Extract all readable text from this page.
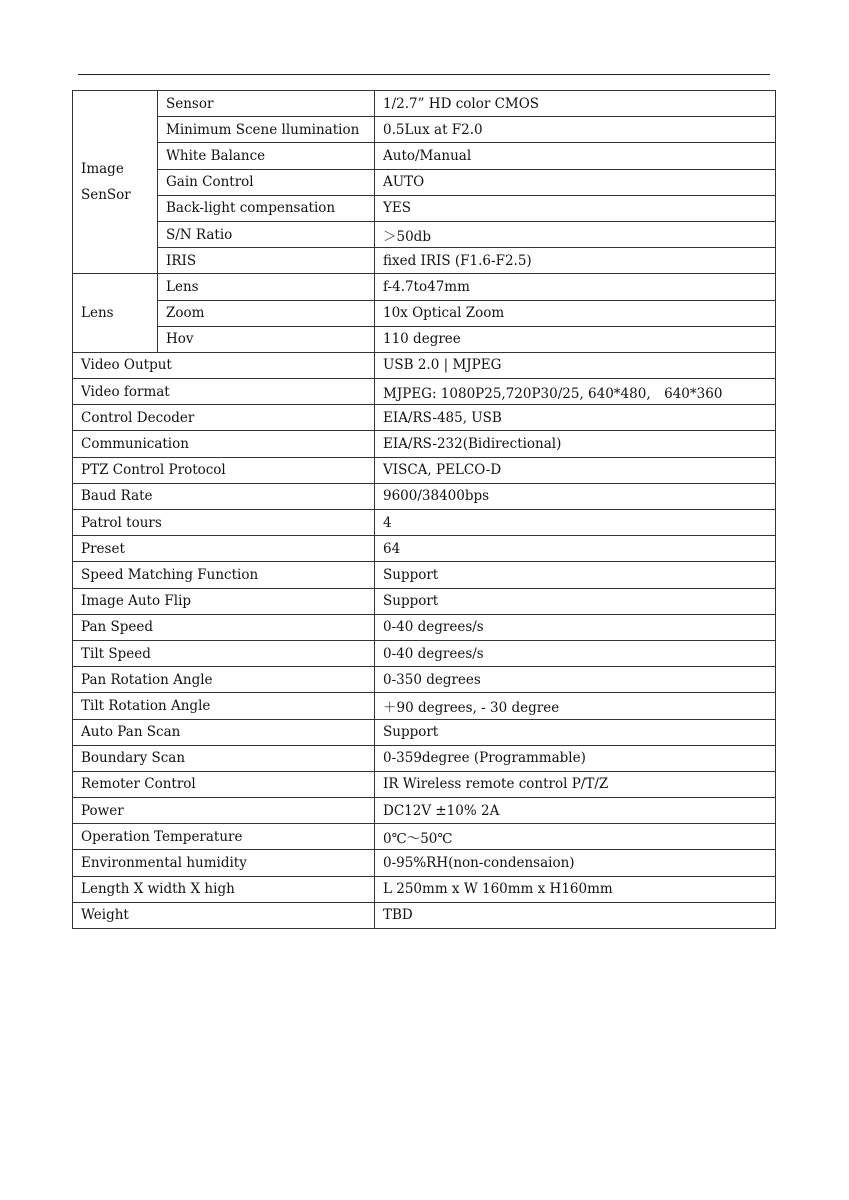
Image
SenSor	Sensor	1/2.7” HD color CMOS
	Minimum Scene llumination	0.5Lux at F2.0
	White Balance	Auto/Manual
	Gain Control	AUTO
	Back-light compensation	YES
	S/N Ratio	＞50db
	IRIS	fixed IRIS (F1.6-F2.5)

Lens	Lens	f-4.7to47mm
	Zoom	10x Optical Zoom
	Hov	110 degree
Video Output		USB 2.0 | MJPEG
Video format		MJPEG: 1080P25,720P30/25, 640*480,　640*360
Control Decoder		EIA/RS-485, USB
Communication		EIA/RS-232(Bidirectional)
PTZ Control Protocol		VISCA, PELCO-D
Baud Rate		9600/38400bps
Patrol tours		4
Preset		64
Speed Matching Function		Support
Image Auto Flip		Support
Pan Speed		0-40 degrees/s
Tilt Speed		0-40 degrees/s
Pan Rotation Angle		0-350 degrees
Tilt Rotation Angle		＋90 degrees, - 30 degree
Auto Pan Scan		Support
Boundary Scan		0-359degree (Programmable)
Remoter Control		IR Wireless remote control P/T/Z
Power		DC12V ±10% 2A
Operation Temperature		0℃～50℃
Environmental humidity		0-95%RH(non-condensaion)
Length X width X high		L 250mm x W 160mm x H160mm
Weight		TBD
